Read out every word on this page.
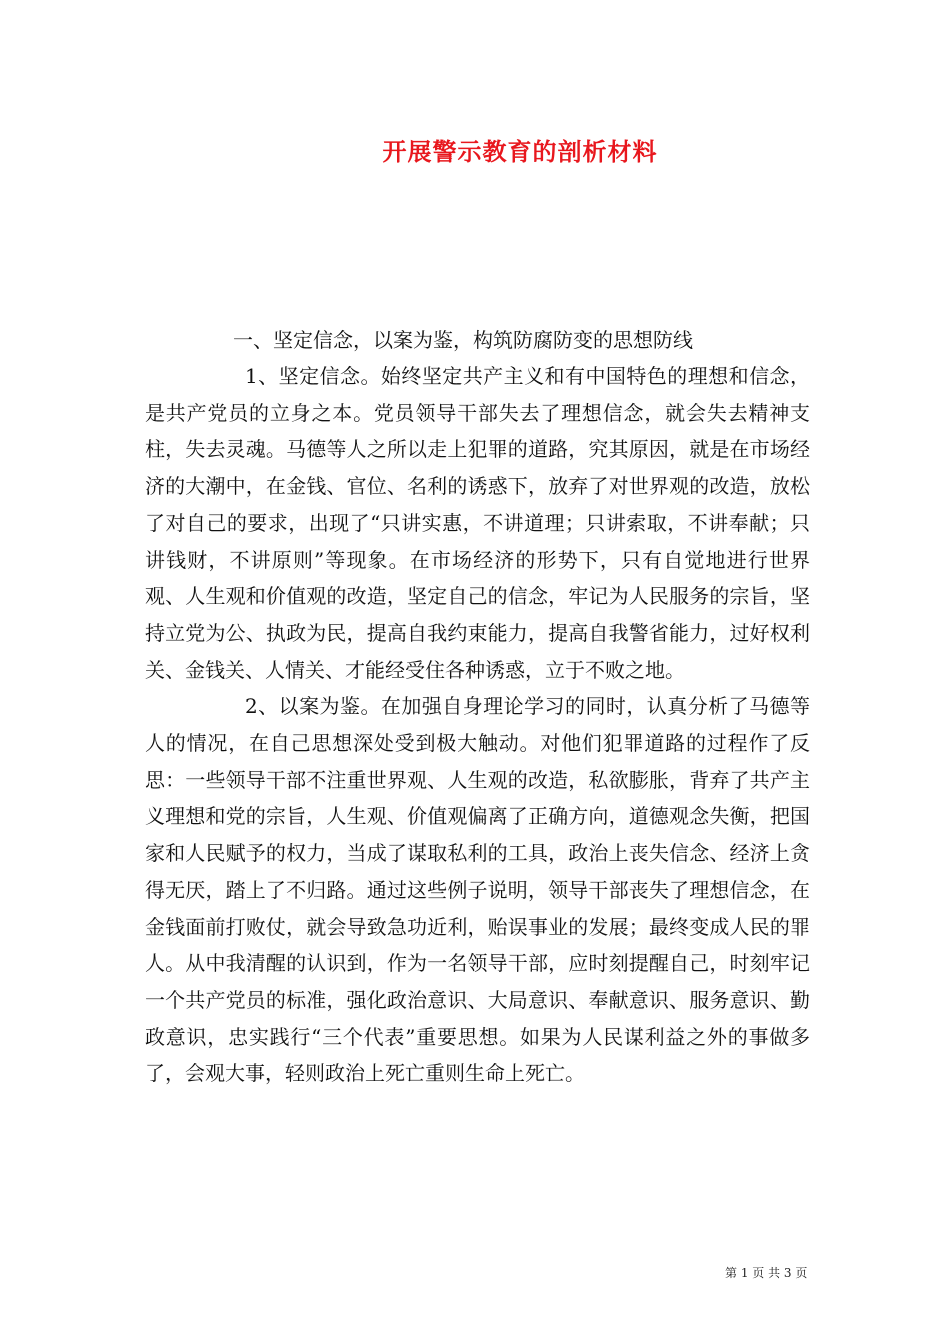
开展警示教育的剖析材料

一、坚定信念，以案为鉴，构筑防腐防变的思想防线

1、坚定信念。始终坚定共产主义和有中国特色的理想和信念，是共产党员的立身之本。党员领导干部失去了理想信念，就会失去精神支柱，失去灵魂。马德等人之所以走上犯罪的道路，究其原因，就是在市场经济的大潮中，在金钱、官位、名利的诱惑下，放弃了对世界观的改造，放松了对自己的要求，出现了“只讲实惠，不讲道理；只讲索取，不讲奉献；只讲钱财，不讲原则”等现象。在市场经济的形势下，只有自觉地进行世界观、人生观和价值观的改造，坚定自己的信念，牢记为人民服务的宗旨，坚持立党为公、执政为民，提高自我约束能力，提高自我警省能力，过好权利关、金钱关、人情关、才能经受住各种诱惑，立于不败之地。

2、以案为鉴。在加强自身理论学习的同时，认真分析了马德等人的情况，在自己思想深处受到极大触动。对他们犯罪道路的过程作了反思：一些领导干部不注重世界观、人生观的改造，私欲膨胀，背弃了共产主义理想和党的宗旨，人生观、价值观偏离了正确方向，道德观念失衡，把国家和人民赋予的权力，当成了谋取私利的工具，政治上丧失信念、经济上贪得无厌，踏上了不归路。通过这些例子说明，领导干部丧失了理想信念，在金钱面前打败仗，就会导致急功近利，贻误事业的发展；最终变成人民的罪人。从中我清醒的认识到，作为一名领导干部，应时刻提醒自己，时刻牢记一个共产党员的标准，强化政治意识、大局意识、奉献意识、服务意识、勤政意识，忠实践行“三个代表”重要思想。如果为人民谋利益之外的事做多了，会观大事，轻则政治上死亡重则生命上死亡。

第 1 页 共 3 页
